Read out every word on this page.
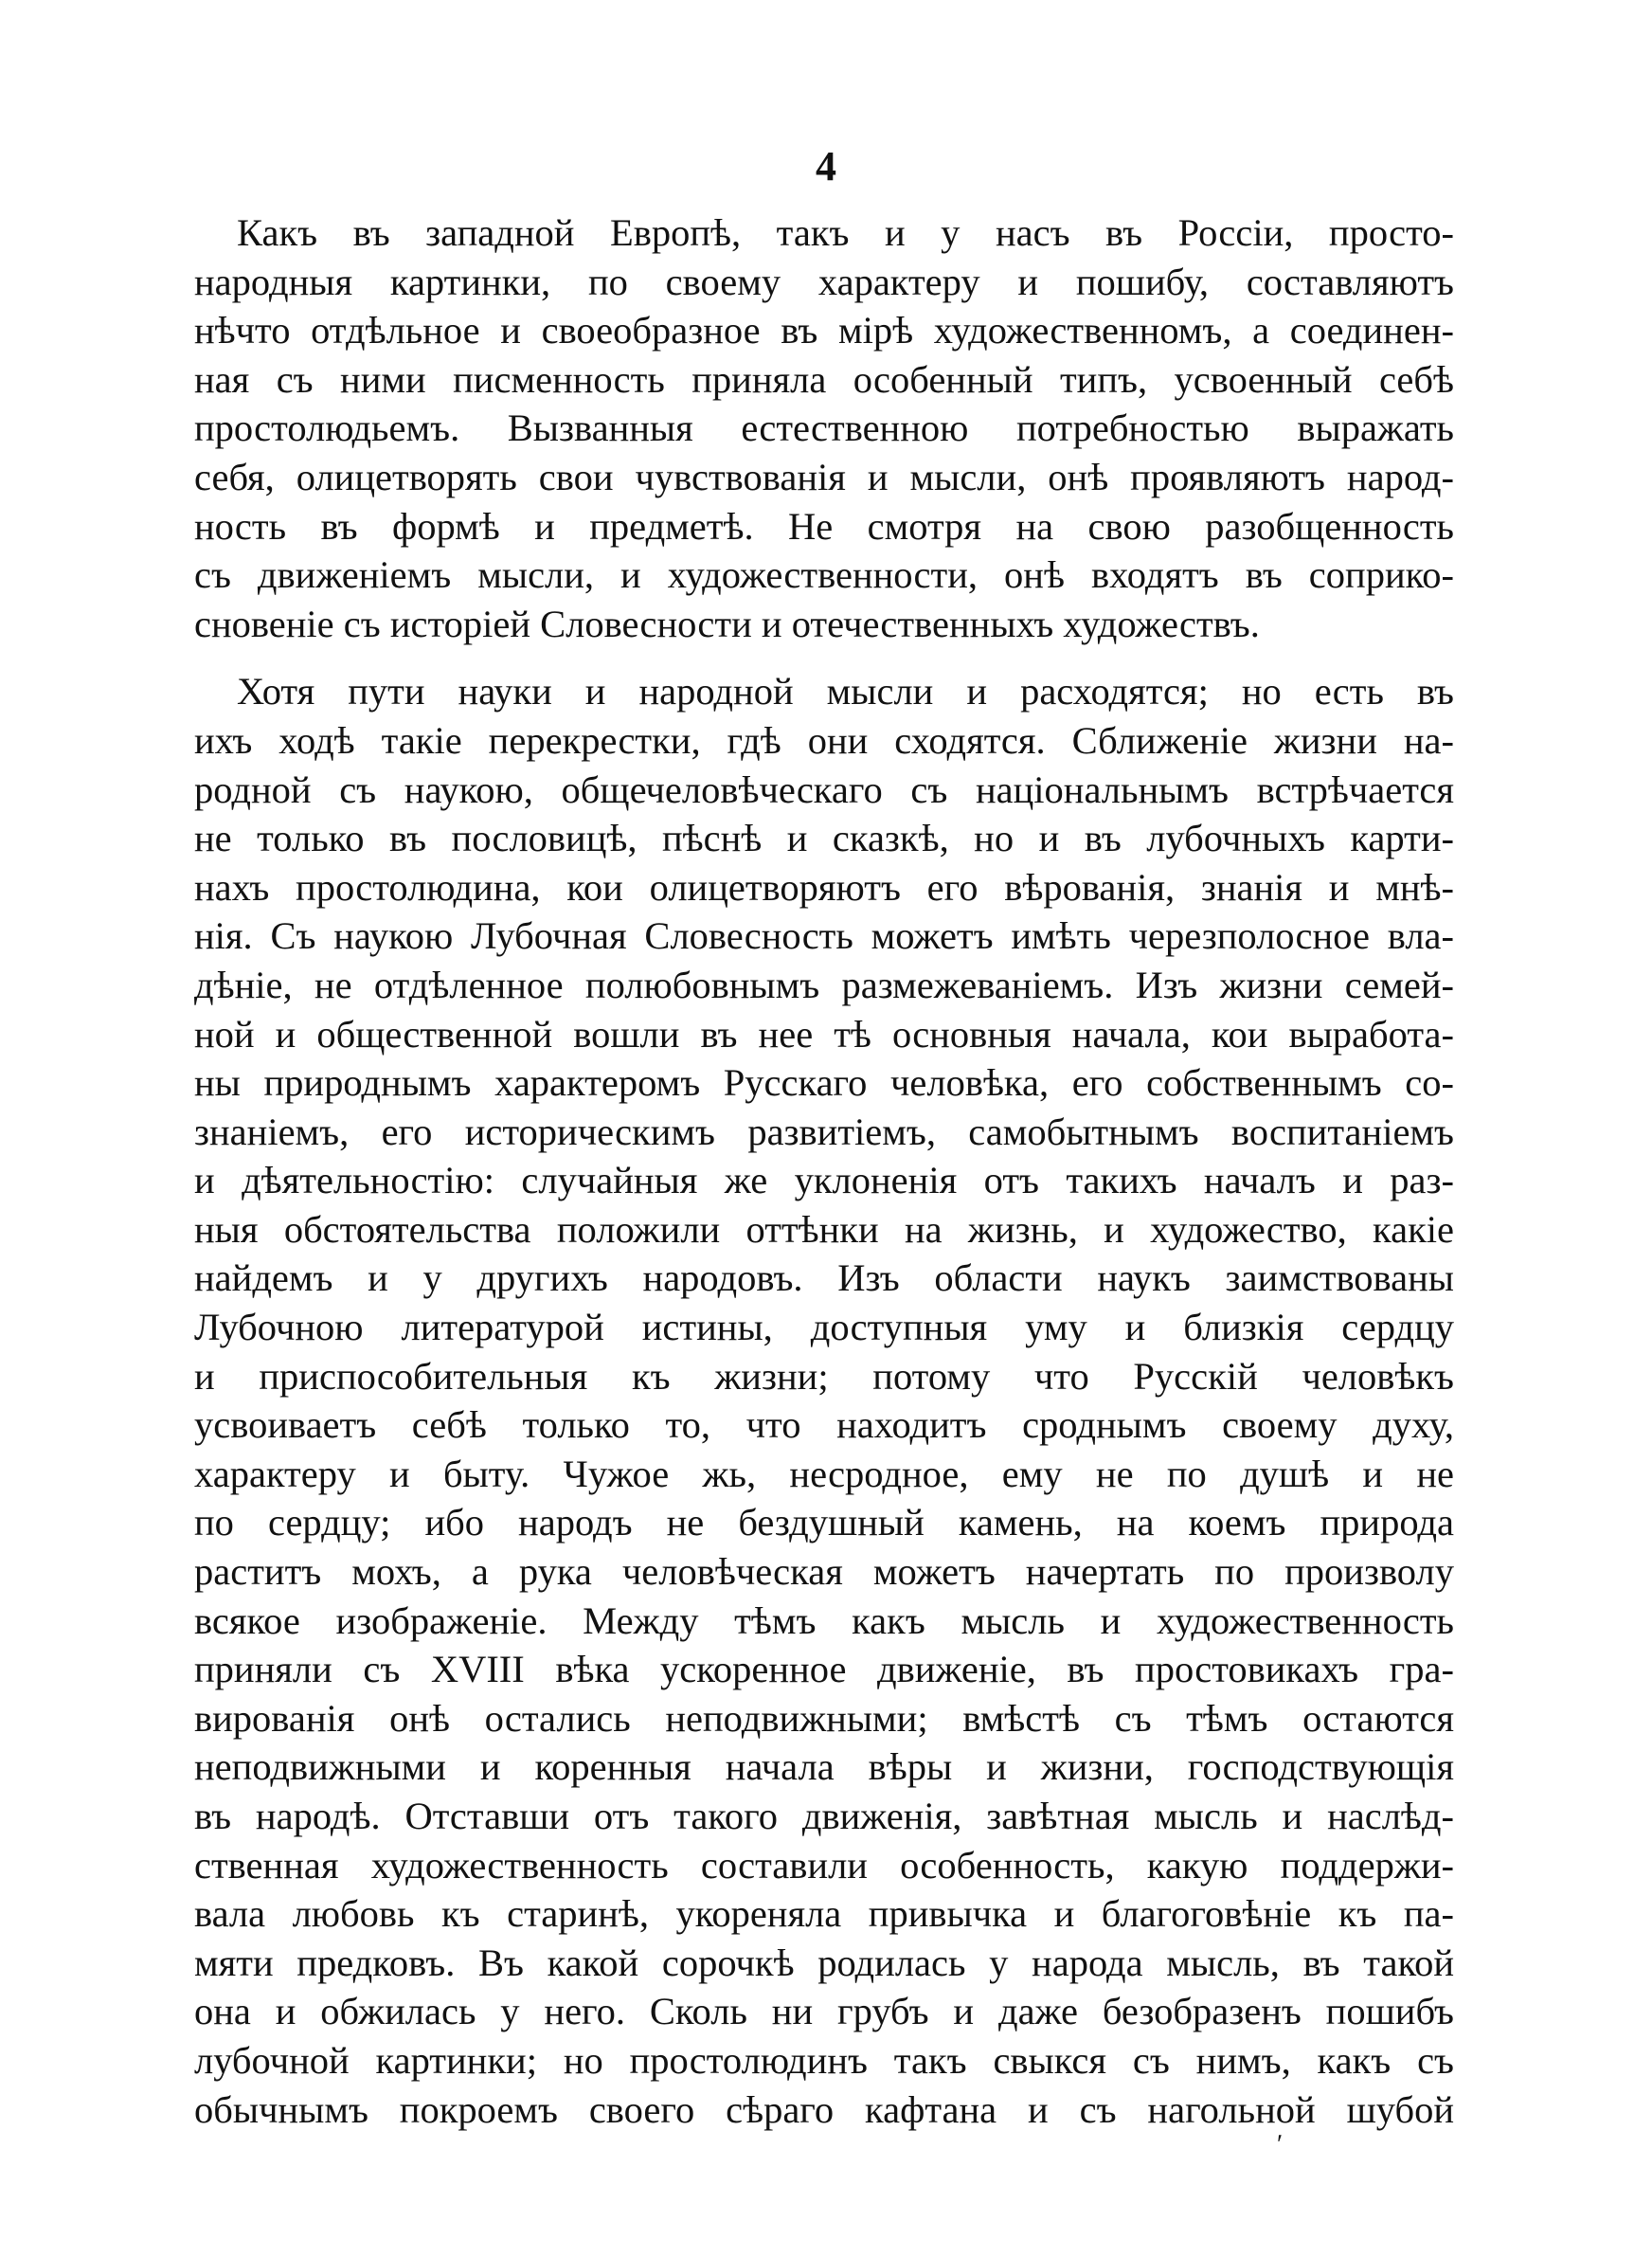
4
Какъ въ западной Европѣ, такъ и у насъ въ Россіи, просто-
народныя картинки, по своему характеру и пошибу, составляютъ
нѣчто отдѣльное и своеобразное въ мірѣ художественномъ, а соединен-
ная съ ними писменность приняла особенный типъ, усвоенный себѣ
простолюдьемъ. Вызванныя естественною потребностью выражать
себя, олицетворять свои чувствованія и мысли, онѣ проявляютъ народ-
ность въ формѣ и предметѣ. Не смотря на свою разобщенность
съ движеніемъ мысли, и художественности, онѣ входятъ въ соприко-
сновеніе съ исторіей Словесности и отечественныхъ художествъ.
Хотя пути науки и народной мысли и расходятся; но есть въ
ихъ ходѣ такіе перекрестки, гдѣ они сходятся. Сближеніе жизни на-
родной съ наукою, общечеловѣческаго съ національнымъ встрѣчается
не только въ пословицѣ, пѣснѣ и сказкѣ, но и въ лубочныхъ карти-
нахъ простолюдина, кои олицетворяютъ его вѣрованія, знанія и мнѣ-
нія. Съ наукою Лубочная Словесность можетъ имѣть черезполосное вла-
дѣніе, не отдѣленное полюбовнымъ размежеваніемъ. Изъ жизни семей-
ной и общественной вошли въ нее тѣ основныя начала, кои выработа-
ны природнымъ характеромъ Русскаго человѣка, его собственнымъ со-
знаніемъ, его историческимъ развитіемъ, самобытнымъ воспитаніемъ
и дѣятельностію: случайныя же уклоненія отъ такихъ началъ и раз-
ныя обстоятельства положили оттѣнки на жизнь, и художество, какіе
найдемъ и у другихъ народовъ. Изъ области наукъ заимствованы
Лубочною литературой истины, доступныя уму и близкія сердцу
и приспособительныя къ жизни; потому что Русскій человѣкъ
усвоиваетъ себѣ только то, что находитъ сроднымъ своему духу,
характеру и быту. Чужое жь, несродное, ему не по душѣ и не
по сердцу; ибо народъ не бездушный камень, на коемъ природа
раститъ мохъ, а рука человѣческая можетъ начертать по произволу
всякое изображеніе. Между тѣмъ какъ мысль и художественность
приняли съ XVIII вѣка ускоренное движеніе, въ простовикахъ гра-
вированія онѣ остались неподвижными; вмѣстѣ съ тѣмъ остаются
неподвижными и коренныя начала вѣры и жизни, господствующія
въ народѣ. Отставши отъ такого движенія, завѣтная мысль и наслѣд-
ственная художественность составили особенность, какую поддержи-
вала любовь къ старинѣ, укореняла привычка и благоговѣніе къ па-
мяти предковъ. Въ какой сорочкѣ родилась у народа мысль, въ такой
она и обжилась у него. Сколь ни грубъ и даже безобразенъ пошибъ
лубочной картинки; но простолюдинъ такъ свыкся съ нимъ, какъ съ
обычнымъ покроемъ своего сѣраго кафтана и съ нагольной шубой
ʹ
